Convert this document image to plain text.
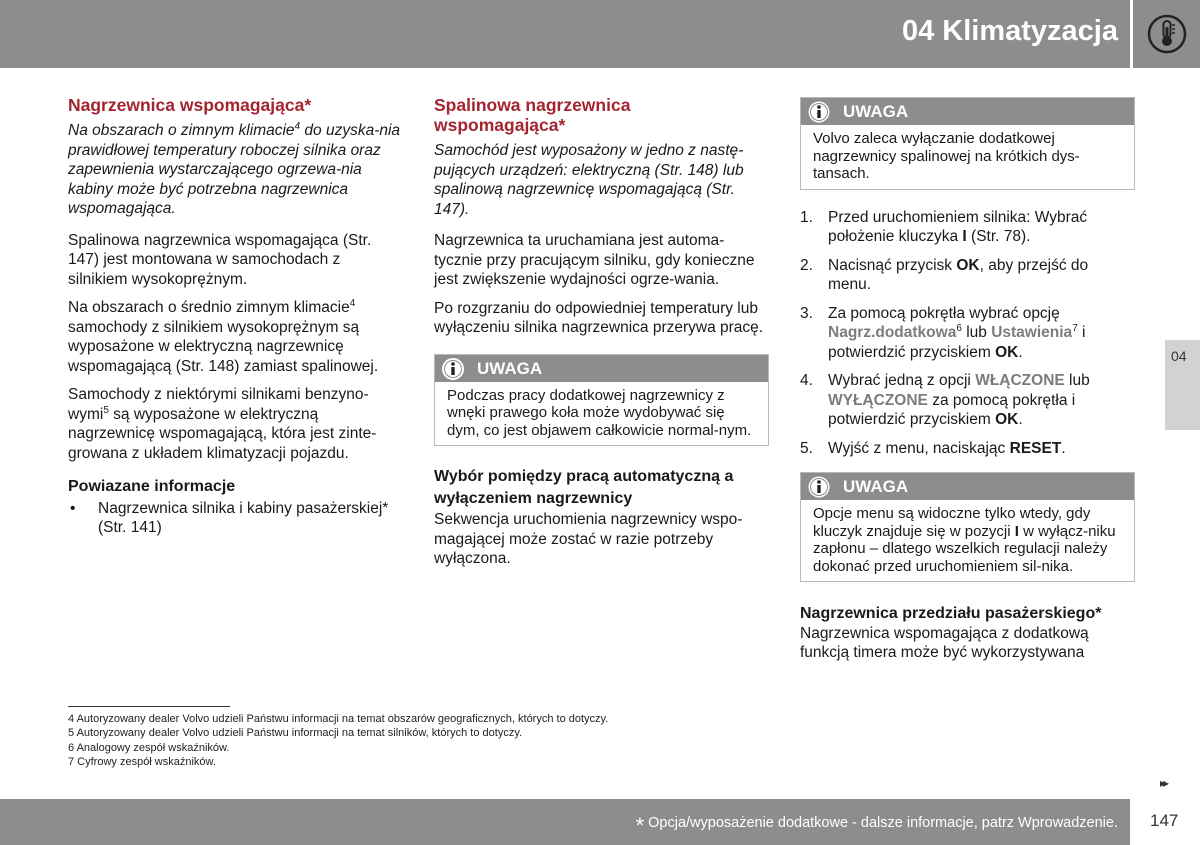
04 Klimatyzacja
04
Nagrzewnica wspomagająca*

Na obszarach o zimnym klimacie$^4$ do uzyska-nia prawidłowej temperatury roboczej silnika oraz zapewnienia wystarczającego ogrzewa-nia kabiny może być potrzebna nagrzewnica wspomagająca.

Spalinowa nagrzewnica wspomagająca (Str. 147) jest montowana w samochodach z silnikiem wysokoprężnym.

Na obszarach o średnio zimnym klimacie$^4$ samochody z silnikiem wysokoprężnym są wyposażone w elektryczną nagrzewnicę wspomagającą (Str. 148) zamiast spalinowej.

Samochody z niektórymi silnikami benzyno-wymi$^5$ są wyposażone w elektryczną nagrzewnicę wspomagającą, która jest zinte-growana z układem klimatyzacji pojazdu.

Powiazane informacje
•	Nagrzewnica silnika i kabiny pasażerskiej* (Str. 141)
Spalinowa nagrzewnica wspomagająca*

Samochód jest wyposażony w jedno z nastę-pujących urządzeń: elektryczną (Str. 148) lub spalinową nagrzewnicę wspomagającą (Str. 147).

Nagrzewnica ta uruchamiana jest automa-tycznie przy pracującym silniku, gdy konieczne jest zwiększenie wydajności ogrze-wania.

Po rozgrzaniu do odpowiedniej temperatury lub wyłączeniu silnika nagrzewnica przerywa pracę.

UWAGA
Podczas pracy dodatkowej nagrzewnicy z wnęki prawego koła może wydobywać się dym, co jest objawem całkowicie normal-nym.
Wybór pomiędzy pracą automatyczną a wyłączeniem nagrzewnicy

Sekwencja uruchomienia nagrzewnicy wspo-magającej może zostać w razie potrzeby wyłączona.

UWAGA
Volvo zaleca wyłączanie dodatkowej nagrzewnicy spalinowej na krótkich dys-tansach.
1. Przed uruchomieniem silnika: Wybrać położenie kluczyka I (Str. 78).
2. Nacisnąć przycisk OK, aby przejść do menu.
3. Za pomocą pokrętła wybrać opcję Nagrz.dodatkowa$^6$ lub Ustawienia$^7$ i potwierdzić przyciskiem OK.
4. Wybrać jedną z opcji WŁĄCZONE lub WYŁĄCZONE za pomocą pokrętła i potwierdzić przyciskiem OK.
5. Wyjść z menu, naciskając RESET.
UWAGA
Opcje menu są widoczne tylko wtedy, gdy kluczyk znajduje się w pozycji I w wyłącz-niku zapłonu – dlatego wszelkich regulacji należy dokonać przed uruchomieniem sil-nika.
Nagrzewnica przedziału pasażerskiego*

Nagrzewnica wspomagająca z dodatkową funkcją timera może być wykorzystywana

4 Autoryzowany dealer Volvo udzieli Państwu informacji na temat obszarów geograficznych, których to dotyczy.
5 Autoryzowany dealer Volvo udzieli Państwu informacji na temat silników, których to dotyczy.
6 Analogowy zespół wskaźników.
7 Cyfrowy zespół wskaźników.
▸▸
* Opcja/wyposażenie dodatkowe - dalsze informacje, patrz Wprowadzenie. 147
